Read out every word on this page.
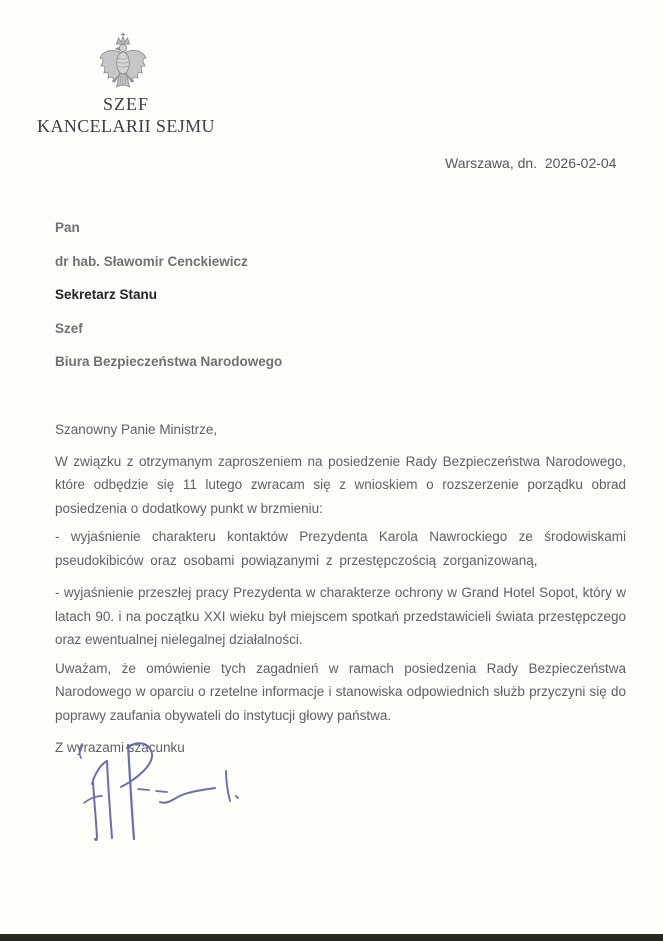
SZEF
KANCELARII SEJMU
Warszawa, dn.  2026-02-04

Pan

dr hab. Sławomir Cenckiewicz

Sekretarz Stanu

Szef

Biura Bezpieczeństwa Narodowego

Szanowny Panie Ministrze,

W związku z otrzymanym zaproszeniem na posiedzenie Rady Bezpieczeństwa Narodowego, które odbędzie się 11 lutego zwracam się z wnioskiem o rozszerzenie porządku obrad posiedzenia o dodatkowy punkt w brzmieniu:

- wyjaśnienie charakteru kontaktów Prezydenta Karola Nawrockiego ze środowiskami pseudokibiców oraz osobami powiązanymi z przestępczością zorganizowaną,

- wyjaśnienie przeszłej pracy Prezydenta w charakterze ochrony w Grand Hotel Sopot, który w latach 90. i na początku XXI wieku był miejscem spotkań przedstawicieli świata przestępczego oraz ewentualnej nielegalnej działalności.

Uważam, że omówienie tych zagadnień w ramach posiedzenia Rady Bezpieczeństwa Narodowego w oparciu o rzetelne informacje i stanowiska odpowiednich służb przyczyni się do poprawy zaufania obywateli do instytucji głowy państwa.

Z wyrazami szacunku
